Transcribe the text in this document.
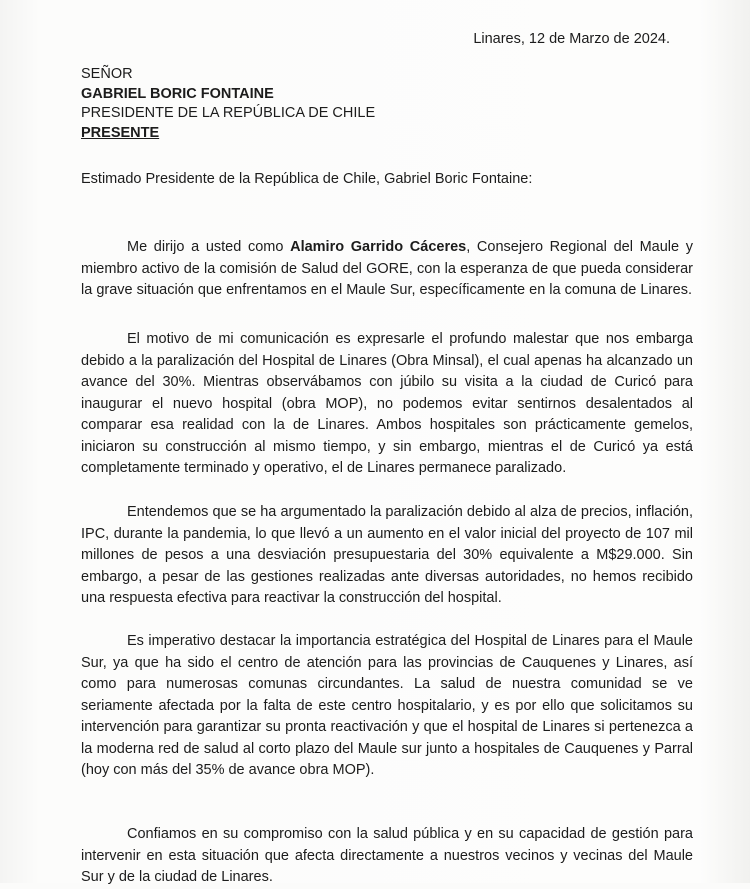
Linares, 12 de Marzo de 2024.
SEÑOR
GABRIEL BORIC FONTAINE
PRESIDENTE DE LA REPÚBLICA DE CHILE
PRESENTE
Estimado Presidente de la República de Chile, Gabriel Boric Fontaine:
Me dirijo a usted como Alamiro Garrido Cáceres, Consejero Regional del Maule y miembro activo de la comisión de Salud del GORE, con la esperanza de que pueda considerar la grave situación que enfrentamos en el Maule Sur, específicamente en la comuna de Linares.
El motivo de mi comunicación es expresarle el profundo malestar que nos embarga debido a la paralización del Hospital de Linares (Obra Minsal), el cual apenas ha alcanzado un avance del 30%. Mientras observábamos con júbilo su visita a la ciudad de Curicó para inaugurar el nuevo hospital (obra MOP), no podemos evitar sentirnos desalentados al comparar esa realidad con la de Linares. Ambos hospitales son prácticamente gemelos, iniciaron su construcción al mismo tiempo, y sin embargo, mientras el de Curicó ya está completamente terminado y operativo, el de Linares permanece paralizado.
Entendemos que se ha argumentado la paralización debido al alza de precios, inflación, IPC, durante la pandemia, lo que llevó a un aumento en el valor inicial del proyecto de 107 mil millones de pesos a una desviación presupuestaria del 30% equivalente a M$29.000. Sin embargo, a pesar de las gestiones realizadas ante diversas autoridades, no hemos recibido una respuesta efectiva para reactivar la construcción del hospital.
Es imperativo destacar la importancia estratégica del Hospital de Linares para el Maule Sur, ya que ha sido el centro de atención para las provincias de Cauquenes y Linares, así como para numerosas comunas circundantes. La salud de nuestra comunidad se ve seriamente afectada por la falta de este centro hospitalario, y es por ello que solicitamos su intervención para garantizar su pronta reactivación y que el hospital de Linares si pertenezca a la moderna red de salud al corto plazo del Maule sur junto a hospitales de Cauquenes y Parral (hoy con más del 35% de avance obra MOP).
Confiamos en su compromiso con la salud pública y en su capacidad de gestión para intervenir en esta situación que afecta directamente a nuestros vecinos y vecinas del Maule Sur y de la ciudad de Linares.
